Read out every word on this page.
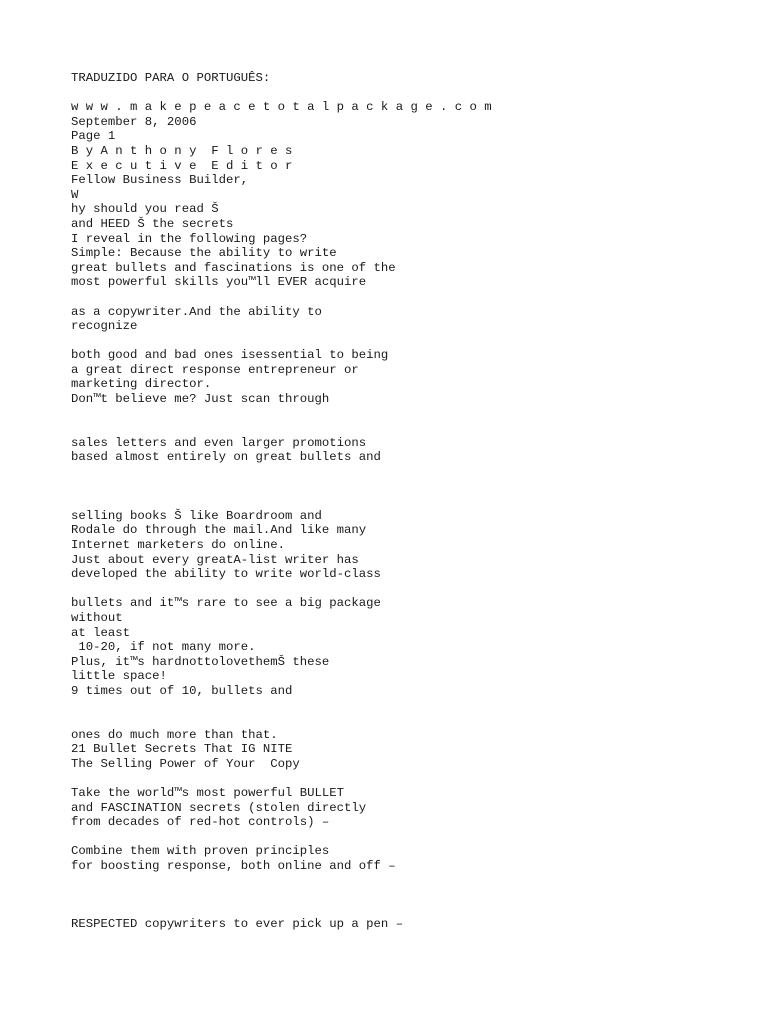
TRADUZIDO PARA O PORTUGUÊS:
w w w . m a k e p e a c e t o t a l p a c k a g e . c o m
September 8, 2006
Page 1
B y A n t h o n y  F l o r e s
E x e c u t i v e  E d i t o r
Fellow Business Builder,
W
hy should you read Š
and HEED Š the secrets
I reveal in the following pages?
Simple: Because the ability to write
great bullets and fascinations is one of the
most powerful skills you™ll EVER acquire
as a copywriter.And the ability to
recognize
both good and bad ones isessential to being
a great direct response entrepreneur or
marketing director.
Don™t believe me? Just scan through
sales letters and even larger promotions
based almost entirely on great bullets and
selling books Š like Boardroom and
Rodale do through the mail.And like many
Internet marketers do online.
Just about every greatA-list writer has
developed the ability to write world-class
bullets and it™s rare to see a big package
without
at least
10-20, if not many more.
Plus, it™s hardnottolovethemŠ these
little space!
9 times out of 10, bullets and
ones do much more than that.
21 Bullet Secrets That IG NITE
The Selling Power of Your  Copy
Take the world™s most powerful BULLET
and FASCINATION secrets (stolen directly
from decades of red-hot controls) –
Combine them with proven principles
for boosting response, both online and off –
RESPECTED copywriters to ever pick up a pen –
